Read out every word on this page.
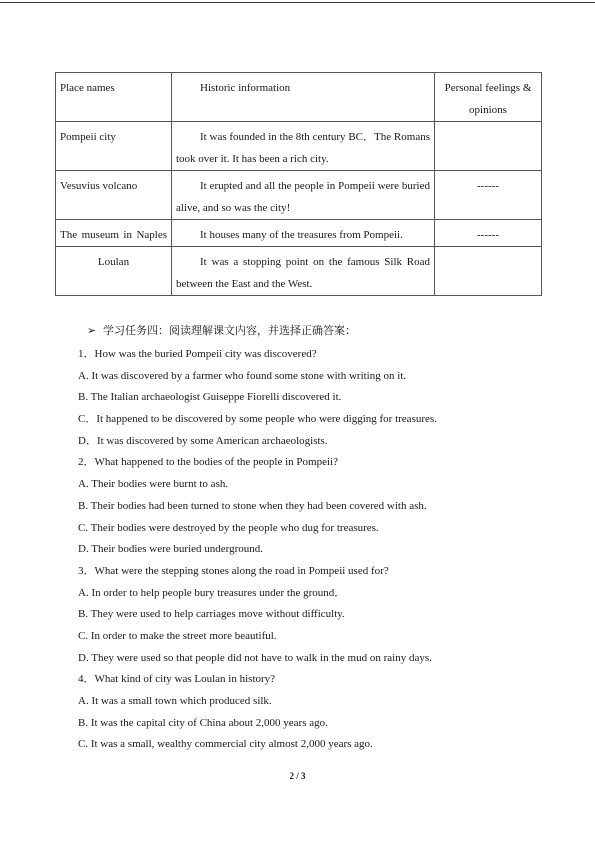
Place names	Historic information	Personal feelings & opinions
Pompeii city	It was founded in the 8th century BC．The Romans took over it. It has been a rich city.	
Vesuvius volcano	It erupted and all the people in Pompeii were buried alive, and so was the city!	------
The museum in Naples	It houses many of the treasures from Pompeii.	------
Loulan	It was a stopping point on the famous Silk Road between the East and the West.	
➢ 学习任务四：阅读理解课文内容，并选择正确答案：
1．How was the buried Pompeii city was discovered?
A. It was discovered by a farmer who found some stone with writing on it.
B. The Italian archaeologist Guiseppe Fiorelli discovered it.
C．It happened to be discovered by some people who were digging for treasures.
D．It was discovered by some American archaeologists.
2．What happened to the bodies of the people in Pompeii?
A. Their bodies were burnt to ash.
B. Their bodies had been turned to stone when they had been covered with ash.
C. Their bodies were destroyed by the people who dug for treasures.
D. Their bodies were buried underground.
3．What were the stepping stones along the road in Pompeii used for?
A. In order to help people bury treasures under the ground．
B. They were used to help carriages move without difficulty.
C. In order to make the street more beautiful.
D. They were used so that people did not have to walk in the mud on rainy days.
4．What kind of city was Loulan in history?
A. It was a small town which produced silk.
B. It was the capital city of China about 2,000 years ago.
C. It was a small, wealthy commercial city almost 2,000 years ago.
2 / 3
